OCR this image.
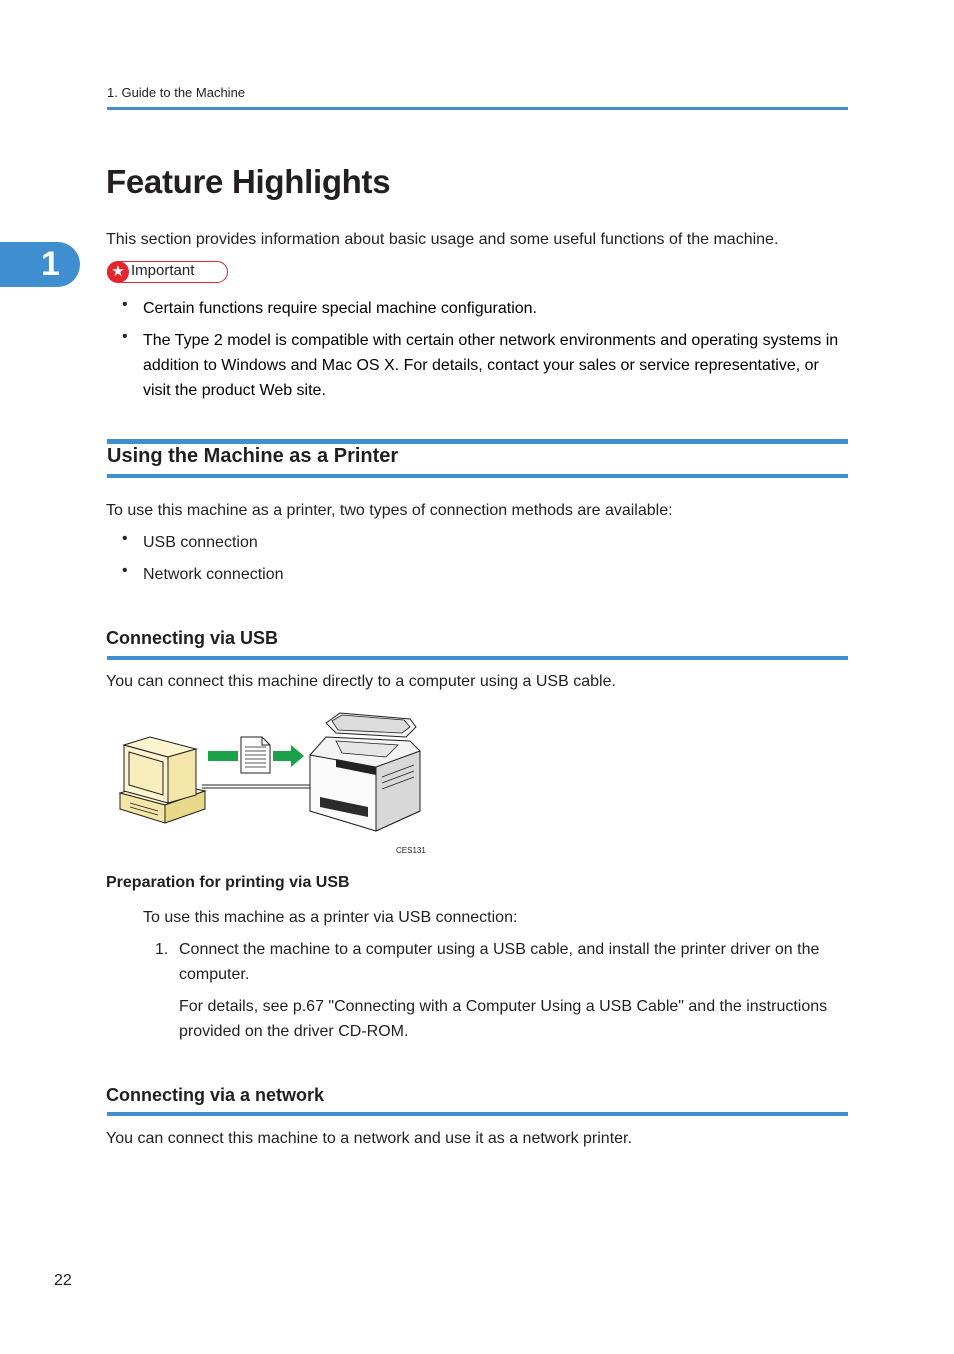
1. Guide to the Machine
1
Feature Highlights
This section provides information about basic usage and some useful functions of the machine.
★ Important
• Certain functions require special machine configuration.
• The Type 2 model is compatible with certain other network environments and operating systems in
addition to Windows and Mac OS X. For details, contact your sales or service representative, or
visit the product Web site.
Using the Machine as a Printer
To use this machine as a printer, two types of connection methods are available:
• USB connection
• Network connection
Connecting via USB
You can connect this machine directly to a computer using a USB cable.
CES131
Preparation for printing via USB
To use this machine as a printer via USB connection:
1. Connect the machine to a computer using a USB cable, and install the printer driver on the
computer.
For details, see p.67 "Connecting with a Computer Using a USB Cable" and the instructions
provided on the driver CD-ROM.
Connecting via a network
You can connect this machine to a network and use it as a network printer.
22
